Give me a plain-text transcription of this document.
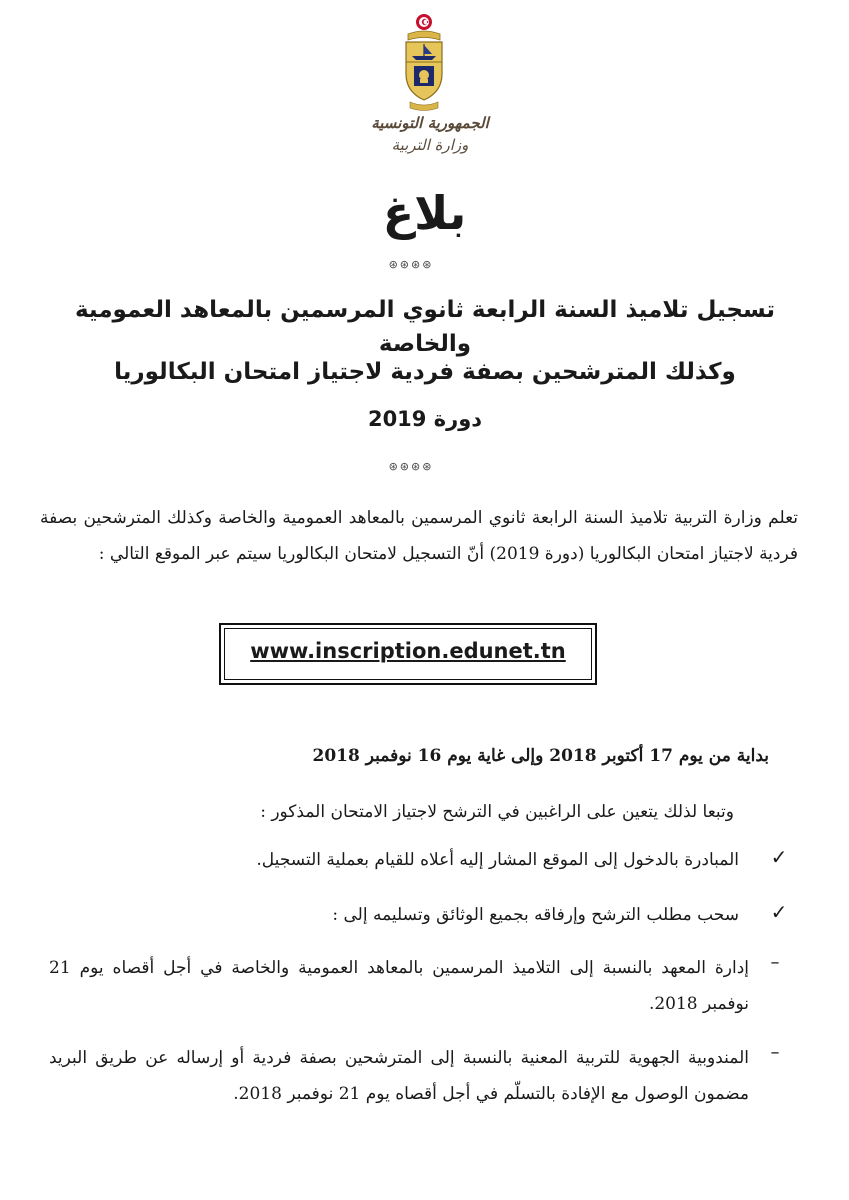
الجمهورية التونسية
وزارة التربية
بلاغ
⊛⊛⊛⊛
تسجيل تلاميذ السنة الرابعة ثانوي المرسمين بالمعاهد العمومية والخاصة
وكذلك المترشحين بصفة فردية لاجتياز امتحان البكالوريا
دورة 2019
⊛⊛⊛⊛
تعلم وزارة التربية تلاميذ السنة الرابعة ثانوي المرسمين بالمعاهد العمومية والخاصة وكذلك المترشحين بصفة فردية لاجتياز امتحان البكالوريا (دورة 2019) أنّ التسجيل لامتحان البكالوريا سيتم عبر الموقع التالي :
www.inscription.edunet.tn
بداية من يوم 17 أكتوبر 2018 وإلى غاية يوم 16 نوفمبر 2018
وتبعا لذلك يتعين على الراغبين في الترشح لاجتياز الامتحان المذكور :
✓
المبادرة بالدخول إلى الموقع المشار إليه أعلاه للقيام بعملية التسجيل.
✓
سحب مطلب الترشح وإرفاقه بجميع الوثائق وتسليمه إلى :
–
إدارة المعهد بالنسبة إلى التلاميذ المرسمين بالمعاهد العمومية والخاصة في أجل أقصاه يوم 21 نوفمبر 2018.
–
المندوبية الجهوية للتربية المعنية بالنسبة إلى المترشحين بصفة فردية أو إرساله عن طريق البريد مضمون الوصول مع الإفادة بالتسلّم في أجل أقصاه يوم 21 نوفمبر 2018.
